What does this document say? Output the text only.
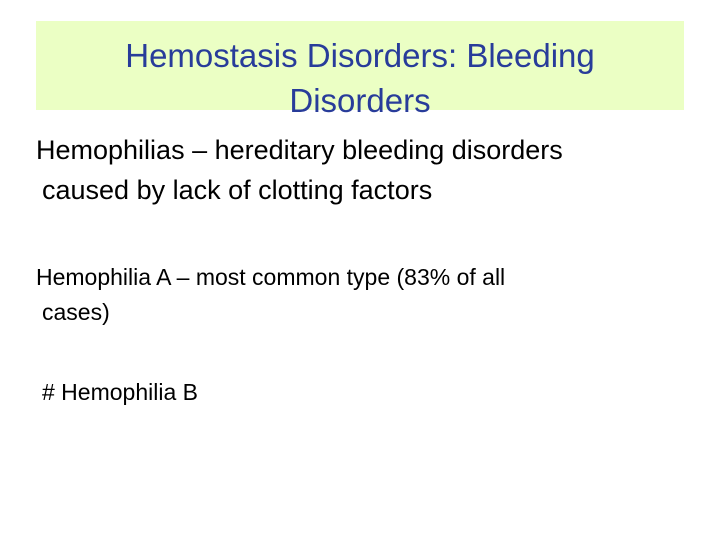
Hemostasis Disorders: Bleeding
Disorders
Hemophilias – hereditary bleeding disorders
caused by lack of clotting factors
Hemophilia A – most common type (83% of all
cases)
# Hemophilia B
